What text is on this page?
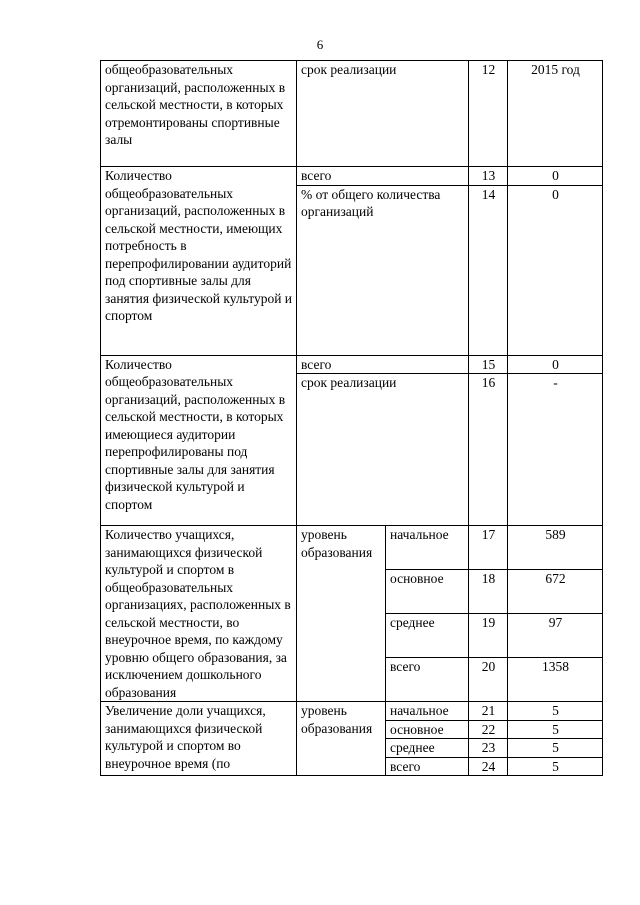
6
общеобразовательных организаций, расположенных в сельской местности, в которых отремонтированы спортивные залы	срок реализации		12	2015 год
Количество общеобразовательных организаций, расположенных в сельской местности, имеющих потребность в перепрофилировании аудиторий под спортивные залы для занятия физической культурой и спортом	всего		13	0
	% от общего количества организаций		14	0
Количество общеобразовательных организаций, расположенных в сельской местности, в которых имеющиеся аудитории перепрофилированы под спортивные залы для занятия физической культурой и спортом	всего		15	0
	срок реализации		16	-
Количество учащихся, занимающихся физической культурой и спортом в общеобразовательных организациях, расположенных в сельской местности, во внеурочное время, по каждому уровню общего образования, за исключением дошкольного образования	уровень образования	начальное	17	589
		основное	18	672
		среднее	19	97
		всего	20	1358
Увеличение доли учащихся, занимающихся физической культурой и спортом во внеурочное время (по	уровень образования	начальное	21	5
		основное	22	5
		среднее	23	5
		всего	24	5
